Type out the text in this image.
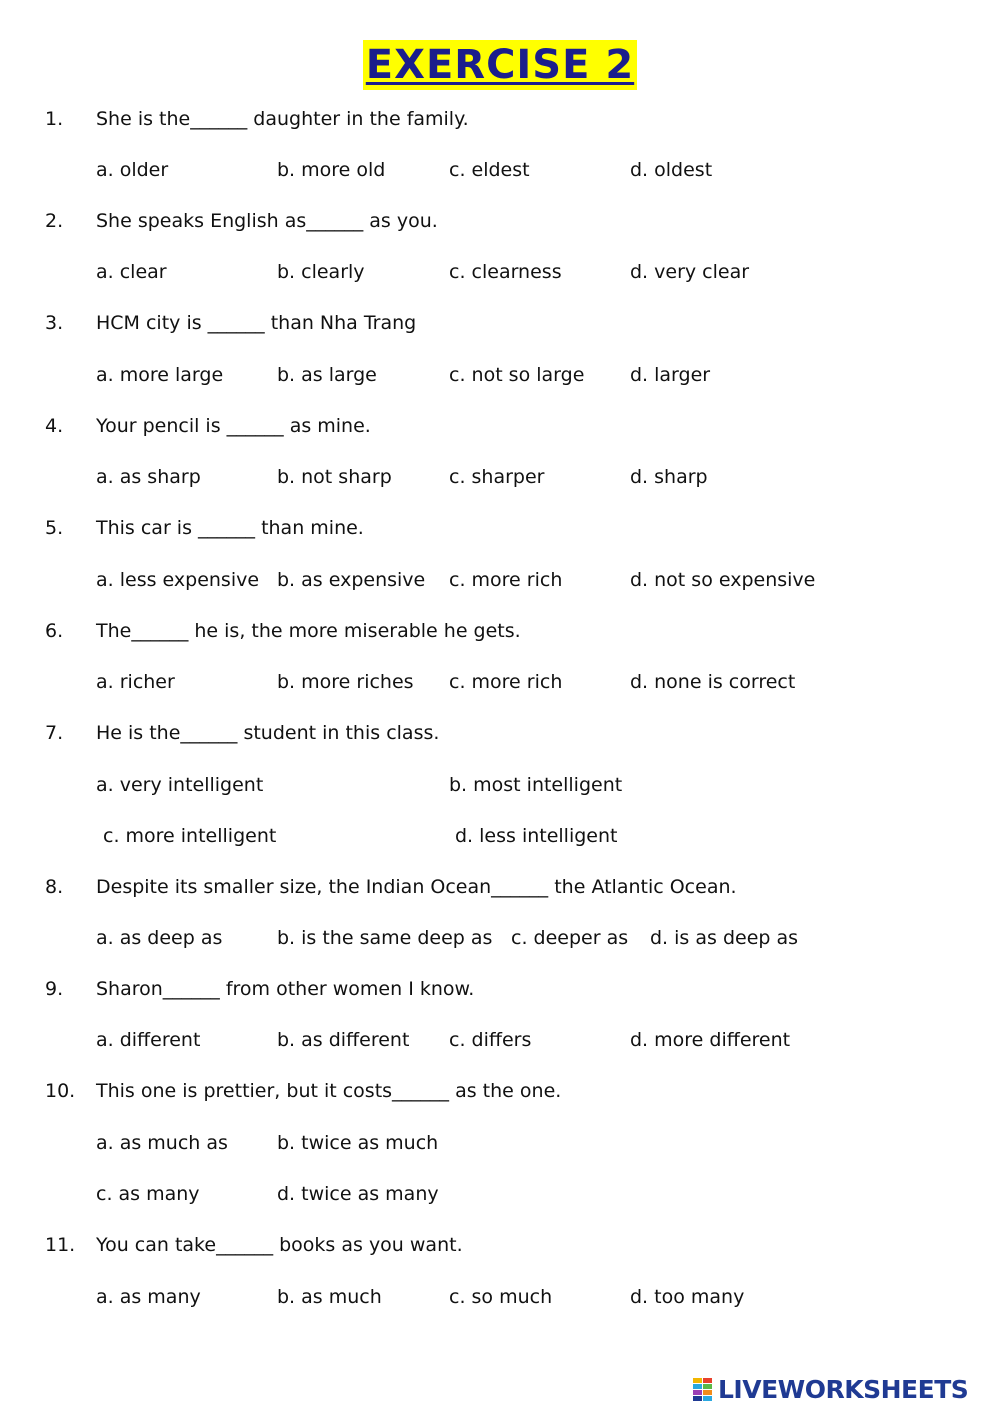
EXERCISE 2
1. She is the______ daughter in the family.
a. older	b. more old	c. eldest	d. oldest
2. She speaks English as______ as you.
a. clear	b. clearly	c. clearness	d. very clear
3. HCM city is ______ than Nha Trang
a. more large	b. as large	c. not so large d. larger
4. Your pencil is ______ as mine.
a. as sharp	b. not sharp	c. sharper	d. sharp
5. This car is ______ than mine.
a. less expensive b. as expensive c. more rich	d. not so expensive
6. The______ he is, the more miserable he gets.
a. richer	b. more riches c. more rich	d. none is correct
7. He is the______ student in this class.
a. very intelligent	b. most intelligent
c. more intelligent	d. less intelligent
8. Despite its smaller size, the Indian Ocean______ the Atlantic Ocean.
a. as deep as	b. is the same deep as c. deeper as d. is as deep as
9. Sharon______ from other women I know.
a. different	b. as different c. differs	d. more different
10. This one is prettier, but it costs______ as the one.
a. as much as	b. twice as much
c. as many	d. twice as many
11. You can take______ books as you want.
a. as many	b. as much	c. so much	d. too many
LIVEWORKSHEETS
